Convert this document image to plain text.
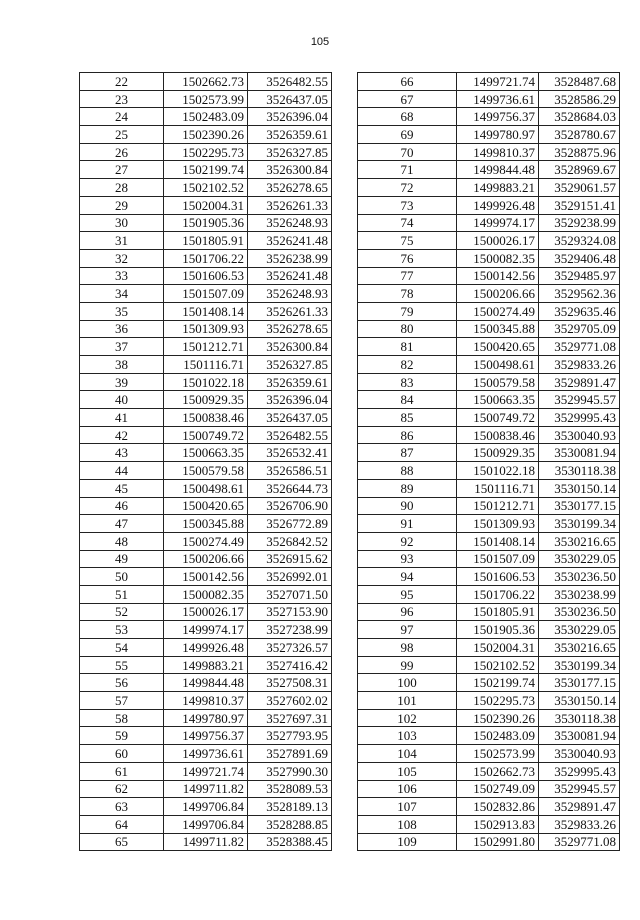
105
22	1502662.73	3526482.55
23	1502573.99	3526437.05
24	1502483.09	3526396.04
25	1502390.26	3526359.61
26	1502295.73	3526327.85
27	1502199.74	3526300.84
28	1502102.52	3526278.65
29	1502004.31	3526261.33
30	1501905.36	3526248.93
31	1501805.91	3526241.48
32	1501706.22	3526238.99
33	1501606.53	3526241.48
34	1501507.09	3526248.93
35	1501408.14	3526261.33
36	1501309.93	3526278.65
37	1501212.71	3526300.84
38	1501116.71	3526327.85
39	1501022.18	3526359.61
40	1500929.35	3526396.04
41	1500838.46	3526437.05
42	1500749.72	3526482.55
43	1500663.35	3526532.41
44	1500579.58	3526586.51
45	1500498.61	3526644.73
46	1500420.65	3526706.90
47	1500345.88	3526772.89
48	1500274.49	3526842.52
49	1500206.66	3526915.62
50	1500142.56	3526992.01
51	1500082.35	3527071.50
52	1500026.17	3527153.90
53	1499974.17	3527238.99
54	1499926.48	3527326.57
55	1499883.21	3527416.42
56	1499844.48	3527508.31
57	1499810.37	3527602.02
58	1499780.97	3527697.31
59	1499756.37	3527793.95
60	1499736.61	3527891.69
61	1499721.74	3527990.30
62	1499711.82	3528089.53
63	1499706.84	3528189.13
64	1499706.84	3528288.85
65	1499711.82	3528388.45
66	1499721.74	3528487.68
67	1499736.61	3528586.29
68	1499756.37	3528684.03
69	1499780.97	3528780.67
70	1499810.37	3528875.96
71	1499844.48	3528969.67
72	1499883.21	3529061.57
73	1499926.48	3529151.41
74	1499974.17	3529238.99
75	1500026.17	3529324.08
76	1500082.35	3529406.48
77	1500142.56	3529485.97
78	1500206.66	3529562.36
79	1500274.49	3529635.46
80	1500345.88	3529705.09
81	1500420.65	3529771.08
82	1500498.61	3529833.26
83	1500579.58	3529891.47
84	1500663.35	3529945.57
85	1500749.72	3529995.43
86	1500838.46	3530040.93
87	1500929.35	3530081.94
88	1501022.18	3530118.38
89	1501116.71	3530150.14
90	1501212.71	3530177.15
91	1501309.93	3530199.34
92	1501408.14	3530216.65
93	1501507.09	3530229.05
94	1501606.53	3530236.50
95	1501706.22	3530238.99
96	1501805.91	3530236.50
97	1501905.36	3530229.05
98	1502004.31	3530216.65
99	1502102.52	3530199.34
100	1502199.74	3530177.15
101	1502295.73	3530150.14
102	1502390.26	3530118.38
103	1502483.09	3530081.94
104	1502573.99	3530040.93
105	1502662.73	3529995.43
106	1502749.09	3529945.57
107	1502832.86	3529891.47
108	1502913.83	3529833.26
109	1502991.80	3529771.08
